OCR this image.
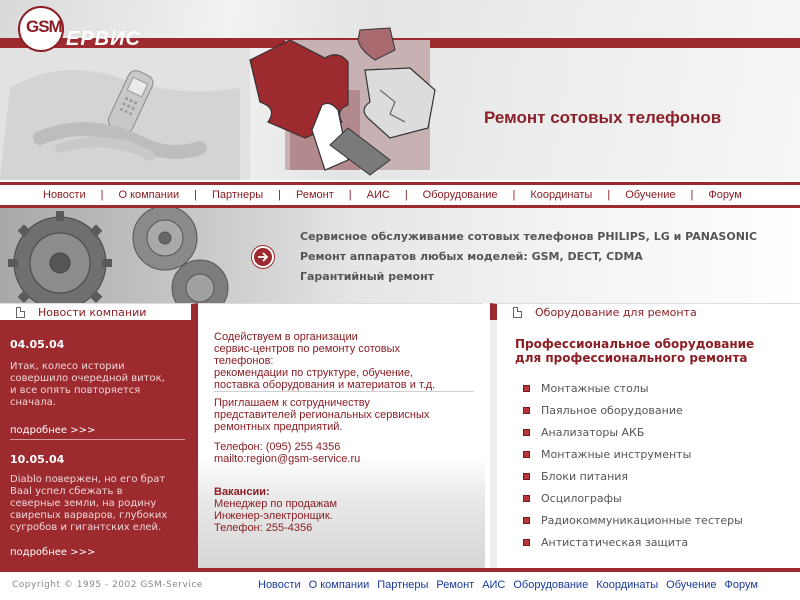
GSM
ЕРВИС
Ремонт сотовых телефонов
Новости | О компании | Партнеры | Ремонт | АИС | Оборудование | Координаты | Обучение | Форум
Сервисное обслуживание сотовых телефонов PHILIPS, LG и PANASONIC
Ремонт аппаратов любых моделей: GSM, DECT, CDMA
Гарантийный ремонт
Новости компании	Оборудование для ремонта
04.05.04
Итак, колесо истории
совершило очередной виток,
и все опять повторяется
сначала.
подробнее >>>
10.05.04
Diablo повержен, но его брат
Baal успел сбежать в
северные земли, на родину
свирепых варваров, глубоких
сугробов и гигантских елей.
подробнее >>>
Содействуем в организации
сервис-центров по ремонту сотовых
телефонов:
рекомендации по структуре, обучение,
поставка оборудования и материатов и т.д.
Приглашаем к сотрудничеству
представителей региональных сервисных
ремонтных предприятий.
Телефон: (095) 255 4356
mailto:region@gsm-service.ru
Вакансии:
Менеджер по продажам
Инженер-электронщик.
Телефон: 255-4356
Профессиональное оборудование
для профессионального ремонта
Монтажные столы
Паяльное оборудование
Анализаторы АКБ
Монтажные инструменты
Блоки питания
Осцилографы
Радиокоммуникационные тестеры
Антистатическая защита
Copyright © 1995 - 2002 GSM-Service	Новости О компании Партнеры Ремонт АИС Оборудование Координаты Обучение Форум
